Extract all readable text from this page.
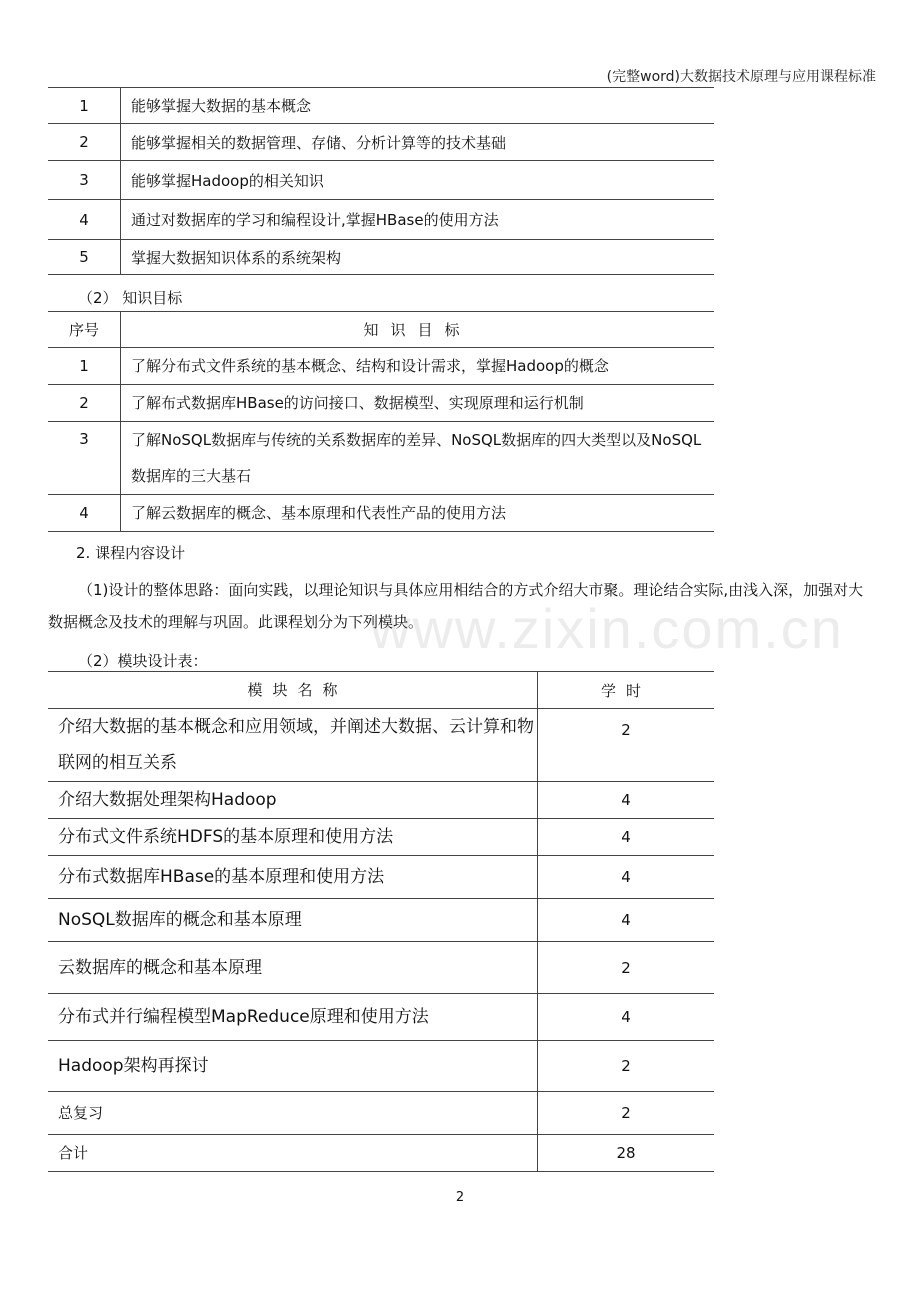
(完整word)大数据技术原理与应用课程标准
1	能够掌握大数据的基本概念
2	能够掌握相关的数据管理、存储、分析计算等的技术基础
3	能够掌握Hadoop的相关知识
4	通过对数据库的学习和编程设计,掌握HBase的使用方法
5	掌握大数据知识体系的系统架构
（2） 知识目标
序号	知识目标
1	了解分布式文件系统的基本概念、结构和设计需求，掌握Hadoop的概念
2	了解布式数据库HBase的访问接口、数据模型、实现原理和运行机制
3	了解NoSQL数据库与传统的关系数据库的差异、NoSQL数据库的四大类型以及NoSQL数据库的三大基石
4	了解云数据库的概念、基本原理和代表性产品的使用方法
2. 课程内容设计
（1)设计的整体思路：面向实践，以理论知识与具体应用相结合的方式介绍大市聚。理论结合实际,由浅入深，加强对大数据概念及技术的理解与巩固。此课程划分为下列模块。
（2）模块设计表：
模块名称	学时
介绍大数据的基本概念和应用领域，并阐述大数据、云计算和物联网的相互关系	2
介绍大数据处理架构Hadoop	4
分布式文件系统HDFS的基本原理和使用方法	4
分布式数据库HBase的基本原理和使用方法	4
NoSQL数据库的概念和基本原理	4
云数据库的概念和基本原理	2
分布式并行编程模型MapReduce原理和使用方法	4
Hadoop架构再探讨	2
总复习	2
合计	28
www.zixin.com.cn
2
